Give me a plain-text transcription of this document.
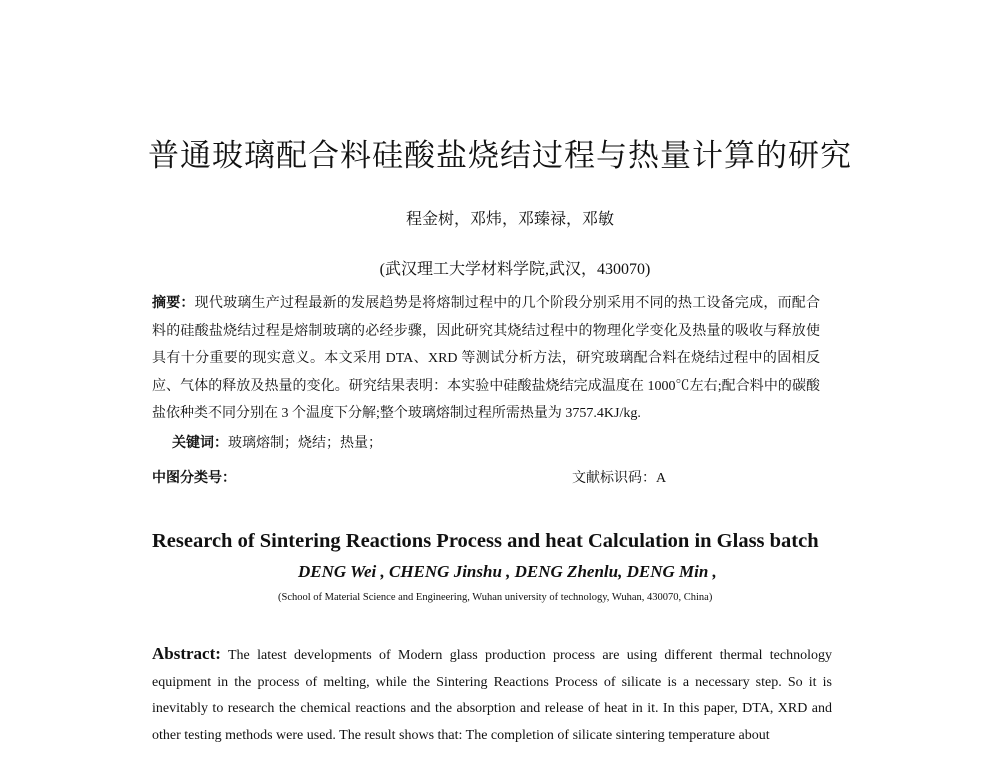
普通玻璃配合料硅酸盐烧结过程与热量计算的研究
程金树，邓炜，邓臻禄，邓敏
(武汉理工大学材料学院,武汉，430070)
摘要：现代玻璃生产过程最新的发展趋势是将熔制过程中的几个阶段分别采用不同的热工设备完成，而配合料的硅酸盐烧结过程是熔制玻璃的必经步骤，因此研究其烧结过程中的物理化学变化及热量的吸收与释放使具有十分重要的现实意义。本文采用 DTA、XRD 等测试分析方法，研究玻璃配合料在烧结过程中的固相反应、气体的释放及热量的变化。研究结果表明：本实验中硅酸盐烧结完成温度在 1000℃左右;配合料中的碳酸盐依种类不同分别在 3 个温度下分解;整个玻璃熔制过程所需热量为 3757.4KJ/kg.
关键词：玻璃熔制；烧结；热量；
中图分类号：	文献标识码：A
Research of Sintering Reactions Process and heat Calculation in Glass batch
DENG Wei , CHENG Jinshu , DENG Zhenlu, DENG Min ,
(School of Material Science and Engineering, Wuhan university of technology, Wuhan, 430070, China)
Abstract: The latest developments of Modern glass production process are using different thermal technology equipment in the process of melting, while the Sintering Reactions Process of silicate is a necessary step. So it is inevitably to research the chemical reactions and the absorption and release of heat in it. In this paper, DTA, XRD and other testing methods were used. The result shows that: The completion of silicate sintering temperature about
